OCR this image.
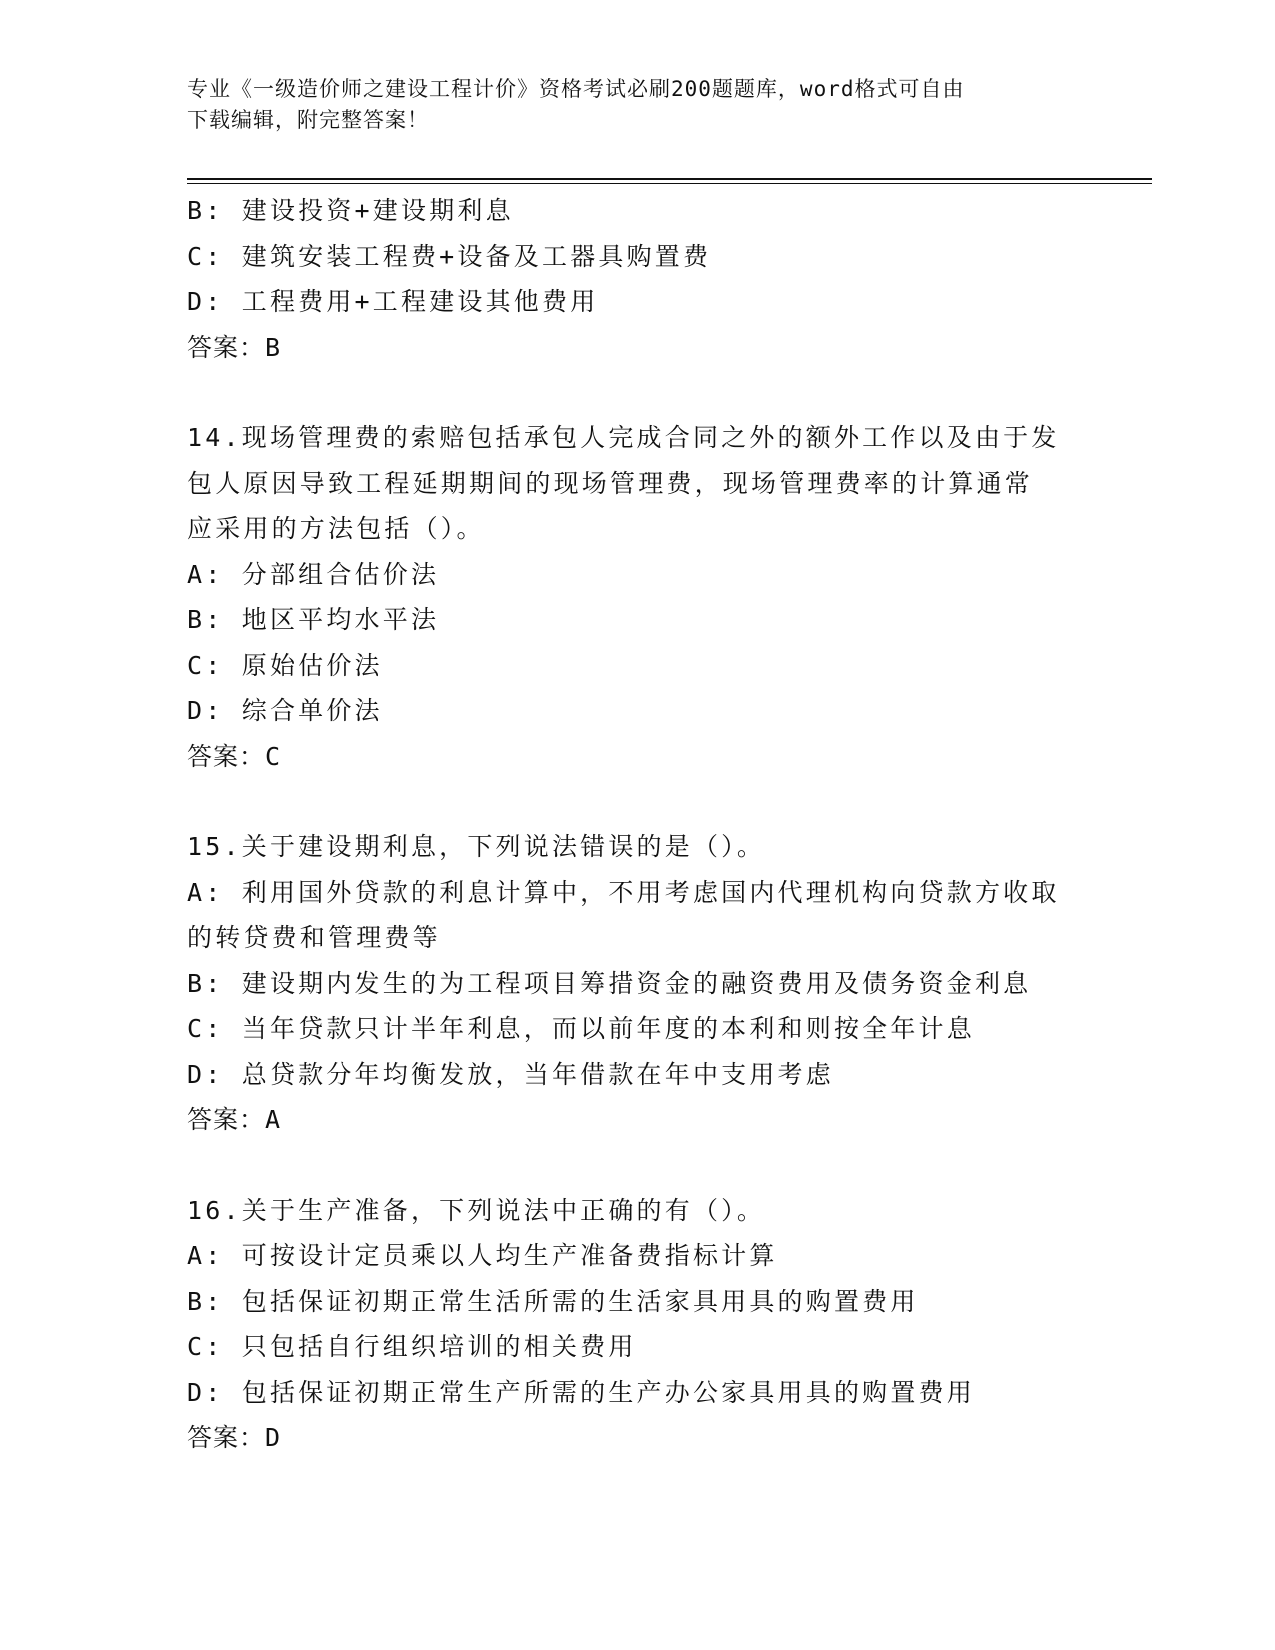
专业《一级造价师之建设工程计价》资格考试必刷200题题库，word格式可自由
下载编辑，附完整答案！
B: 建设投资+建设期利息
C: 建筑安装工程费+设备及工器具购置费
D: 工程费用+工程建设其他费用
答案：B
14.现场管理费的索赔包括承包人完成合同之外的额外工作以及由于发
包人原因导致工程延期期间的现场管理费，现场管理费率的计算通常
应采用的方法包括（）。
A: 分部组合估价法
B: 地区平均水平法
C: 原始估价法
D: 综合单价法
答案：C
15.关于建设期利息，下列说法错误的是（）。
A: 利用国外贷款的利息计算中，不用考虑国内代理机构向贷款方收取
的转贷费和管理费等
B: 建设期内发生的为工程项目筹措资金的融资费用及债务资金利息
C: 当年贷款只计半年利息，而以前年度的本利和则按全年计息
D: 总贷款分年均衡发放，当年借款在年中支用考虑
答案：A
16.关于生产准备，下列说法中正确的有（）。
A: 可按设计定员乘以人均生产准备费指标计算
B: 包括保证初期正常生活所需的生活家具用具的购置费用
C: 只包括自行组织培训的相关费用
D: 包括保证初期正常生产所需的生产办公家具用具的购置费用
答案：D
